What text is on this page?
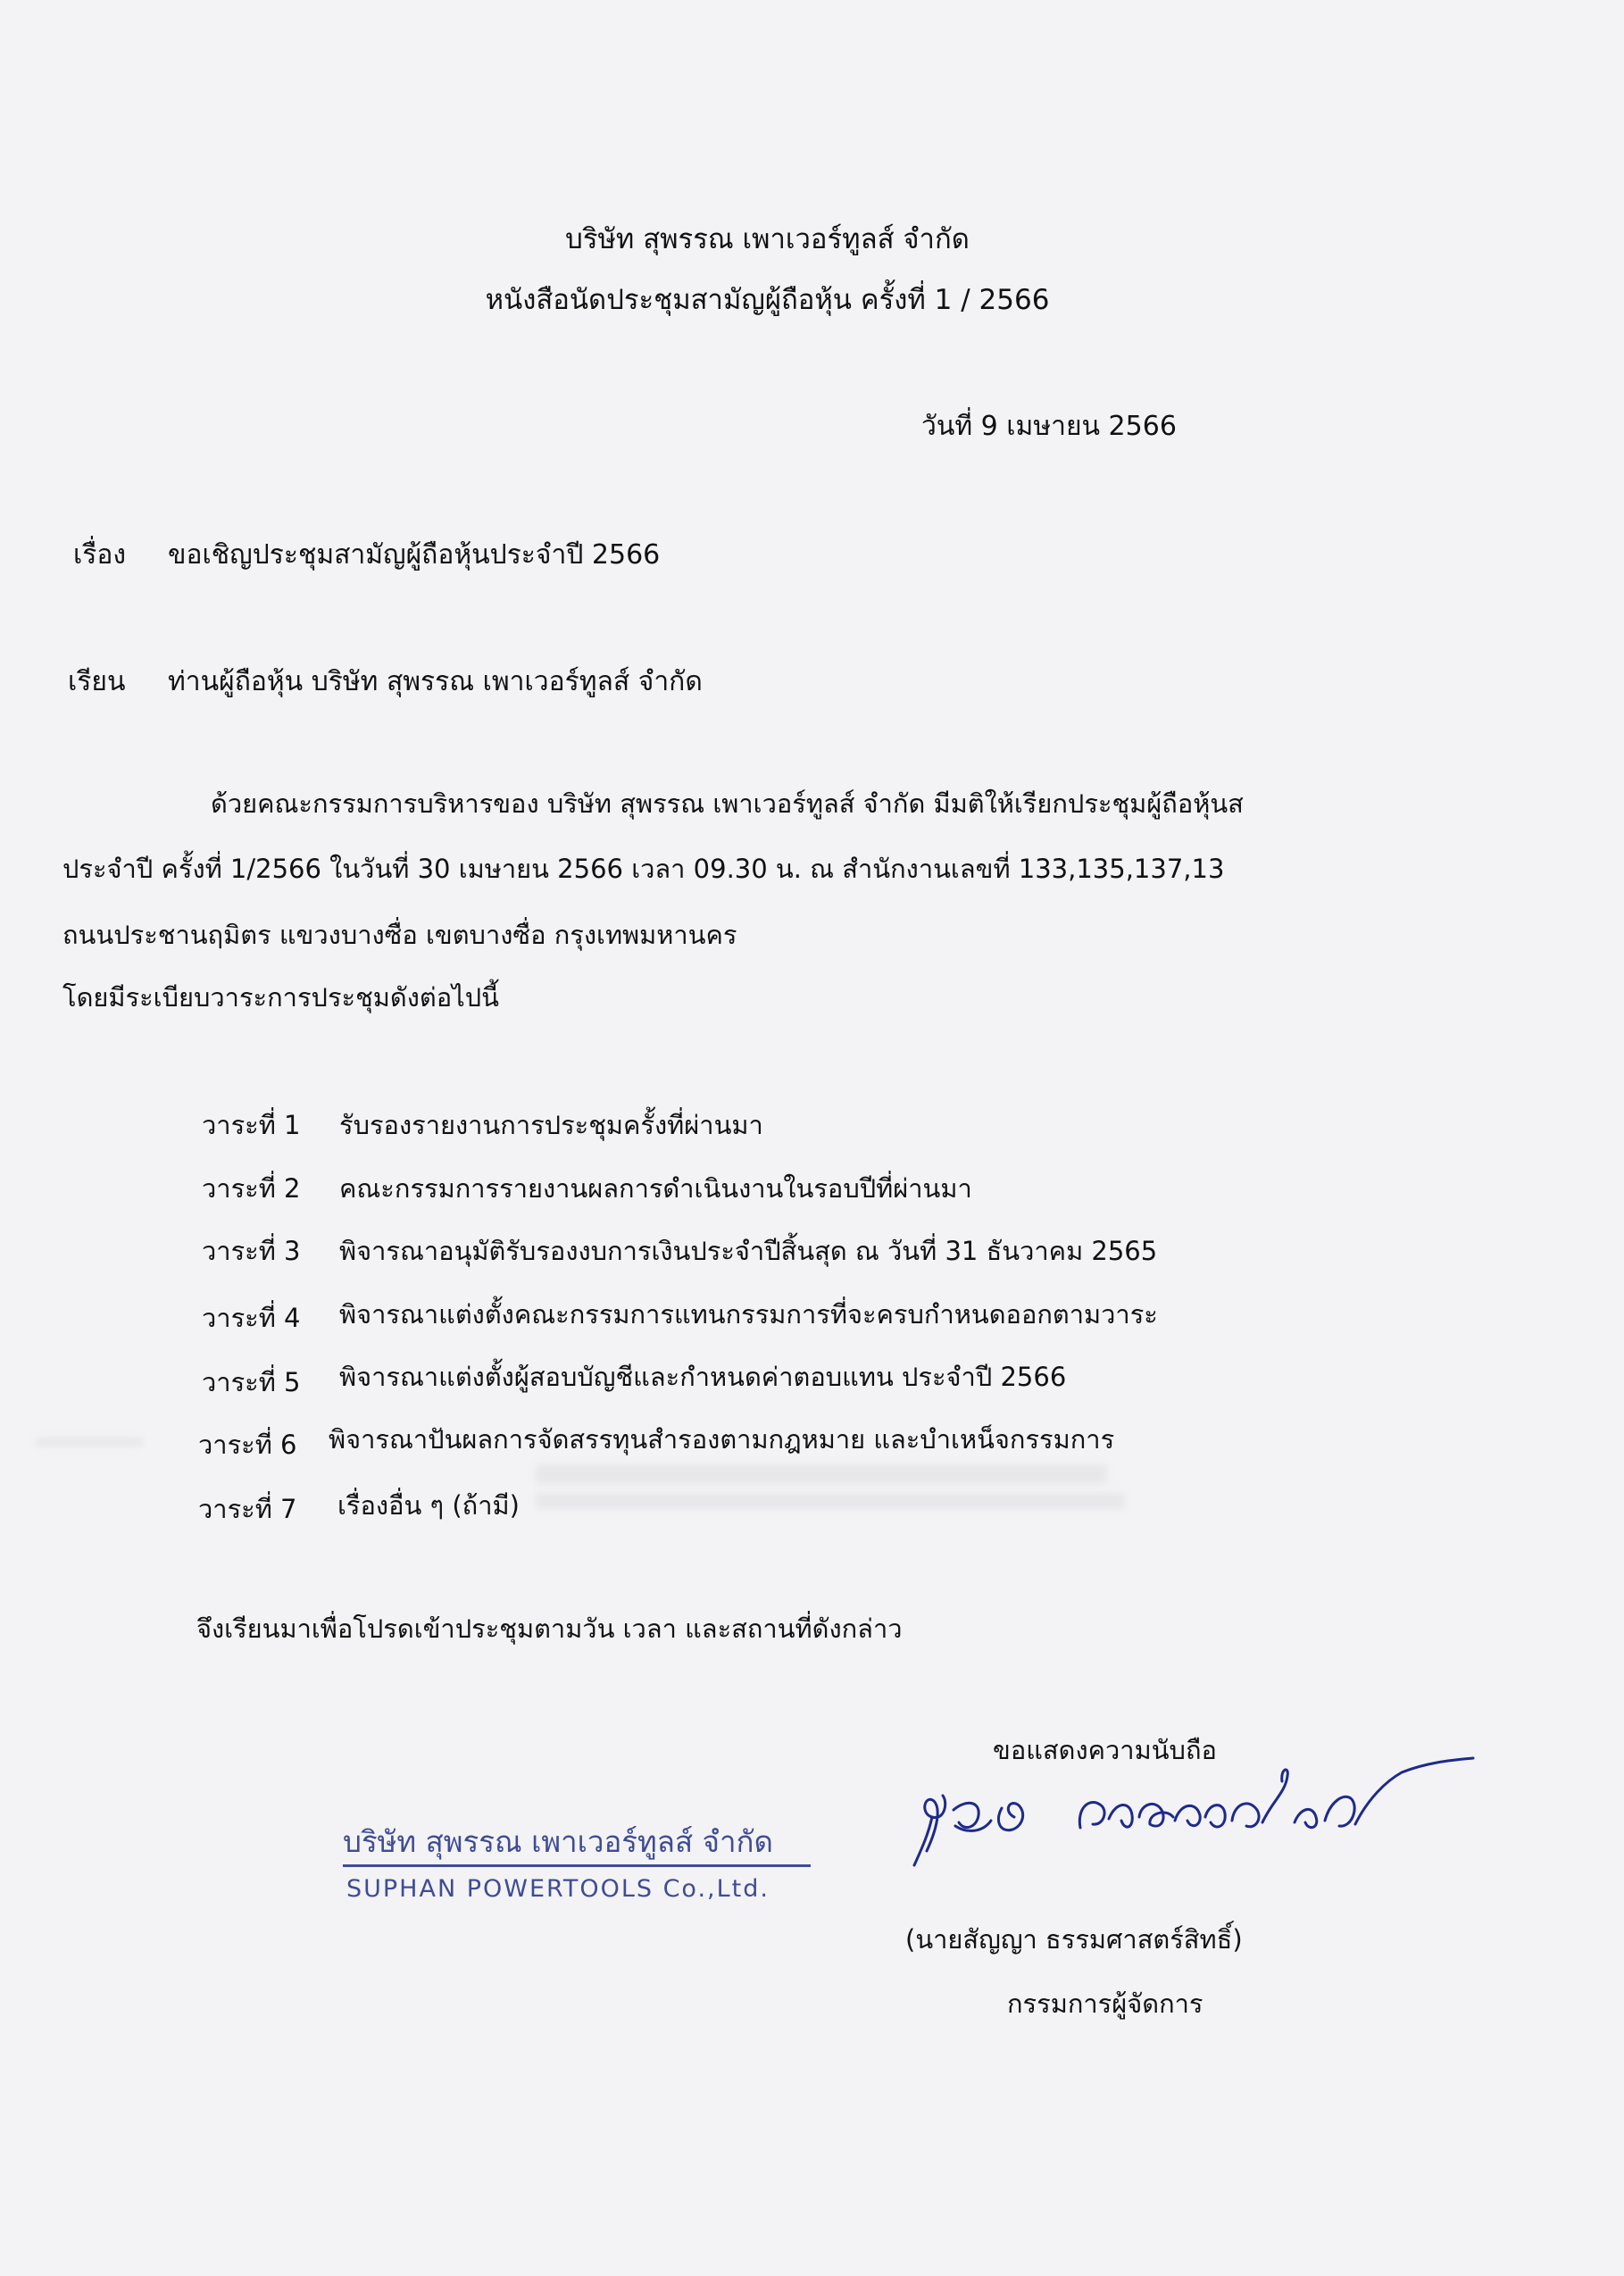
บริษัท สุพรรณ เพาเวอร์ทูลส์ จำกัด
หนังสือนัดประชุมสามัญผู้ถือหุ้น ครั้งที่ 1 / 2566
วันที่ 9 เมษายน 2566
เรื่อง ขอเชิญประชุมสามัญผู้ถือหุ้นประจำปี 2566
เรียน ท่านผู้ถือหุ้น บริษัท สุพรรณ เพาเวอร์ทูลส์ จำกัด
ด้วยคณะกรรมการบริหารของ บริษัท สุพรรณ เพาเวอร์ทูลส์ จำกัด มีมติให้เรียกประชุมผู้ถือหุ้นส
ประจำปี ครั้งที่ 1/2566 ในวันที่ 30 เมษายน 2566 เวลา 09.30 น. ณ สำนักงานเลขที่ 133,135,137,13
ถนนประชานฤมิตร แขวงบางซื่อ เขตบางซื่อ กรุงเทพมหานคร
โดยมีระเบียบวาระการประชุมดังต่อไปนี้
วาระที่ 1 รับรองรายงานการประชุมครั้งที่ผ่านมา
วาระที่ 2 คณะกรรมการรายงานผลการดำเนินงานในรอบปีที่ผ่านมา
วาระที่ 3 พิจารณาอนุมัติรับรองงบการเงินประจำปีสิ้นสุด ณ วันที่ 31 ธันวาคม 2565
วาระที่ 4 พิจารณาแต่งตั้งคณะกรรมการแทนกรรมการที่จะครบกำหนดออกตามวาระ
วาระที่ 5 พิจารณาแต่งตั้งผู้สอบบัญชีและกำหนดค่าตอบแทน ประจำปี 2566
วาระที่ 6 พิจารณาปันผลการจัดสรรทุนสำรองตามกฎหมาย และบำเหน็จกรรมการ
วาระที่ 7 เรื่องอื่น ๆ (ถ้ามี)
จึงเรียนมาเพื่อโปรดเข้าประชุมตามวัน เวลา และสถานที่ดังกล่าว
ขอแสดงความนับถือ
บริษัท สุพรรณ เพาเวอร์ทูลส์ จำกัด
SUPHAN POWERTOOLS Co.,Ltd.
(นายสัญญา ธรรมศาสตร์สิทธิ์)
กรรมการผู้จัดการ
